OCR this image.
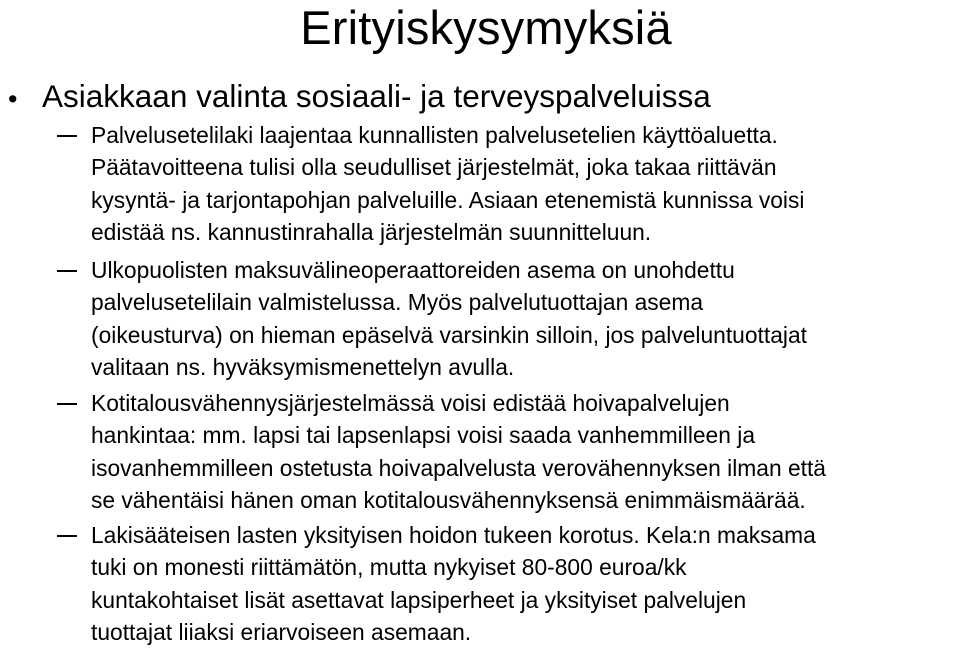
Erityiskysymyksiä
• Asiakkaan valinta sosiaali- ja terveyspalveluissa
Palvelusetelilaki laajentaa kunnallisten palvelusetelien käyttöaluetta.
Päätavoitteena tulisi olla seudulliset järjestelmät, joka takaa riittävän
kysyntä- ja tarjontapohjan palveluille. Asiaan etenemistä kunnissa voisi
edistää ns. kannustinrahalla järjestelmän suunnitteluun.
Ulkopuolisten maksuvälineoperaattoreiden asema on unohdettu
palvelusetelilain valmistelussa. Myös palvelutuottajan asema
(oikeusturva) on hieman epäselvä varsinkin silloin, jos palveluntuottajat
valitaan ns. hyväksymismenettelyn avulla.
Kotitalousvähennysjärjestelmässä voisi edistää hoivapalvelujen
hankintaa: mm. lapsi tai lapsenlapsi voisi saada vanhemmilleen ja
isovanhemmilleen ostetusta hoivapalvelusta verovähennyksen ilman että
se vähentäisi hänen oman kotitalousvähennyksensä enimmäismäärää.
Lakisääteisen lasten yksityisen hoidon tukeen korotus. Kela:n maksama
tuki on monesti riittämätön, mutta nykyiset 80-800 euroa/kk
kuntakohtaiset lisät asettavat lapsiperheet ja yksityiset palvelujen
tuottajat liiaksi eriarvoiseen asemaan.
